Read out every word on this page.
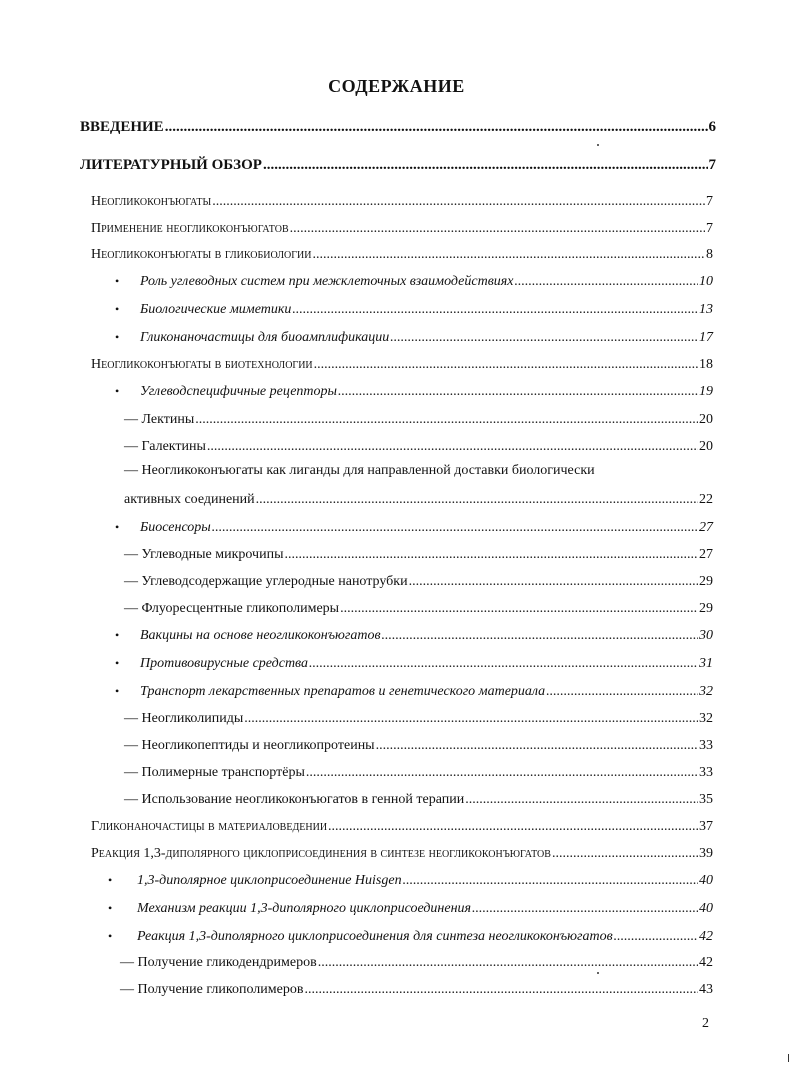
СОДЕРЖАНИЕ
ВВЕДЕНИЕ .....	6
ЛИТЕРАТУРНЫЙ ОБЗОР .....	7
Неогликоконъюгаты .....	7
Применение неогликоконъюгатов .....	7
Неогликоконъюгаты в гликобиологии .....	8
• Роль углеводных систем при межклеточных взаимодействиях .....	10
• Биологические миметики .....	13
• Гликонаночастицы для биоамплификации .....	17
Неогликоконъюгаты в биотехнологии .....	18
• Углеводспецифичные рецепторы .....	19
— Лектины .....	20
— Галектины .....	20
— Неогликоконъюгаты как лиганды для направленной доставки биологически
активных соединений .....	22
• Биосенсоры .....	27
— Углеводные микрочипы .....	27
— Углеводсодержащие углеродные нанотрубки .....	29
— Флуоресцентные гликополимеры .....	29
• Вакцины на основе неогликоконъюгатов .....	30
• Противовирусные средства .....	31
• Транспорт лекарственных препаратов и генетического материала .....	32
— Неогликолипиды .....	32
— Неогликопептиды и неогликопротеины .....	33
— Полимерные транспортёры .....	33
— Использование неогликоконъюгатов в генной терапии .....	35
Гликонаночастицы в материаловедении .....	37
Реакция 1,3-диполярного циклоприсоединения в синтезе неогликоконъюгатов .....	39
• 1,3-диполярное циклоприсоединение Huisgen .....	40
• Механизм реакции 1,3-диполярного циклоприсоединения .....	40
• Реакция 1,3-диполярного циклоприсоединения для синтеза неогликоконъюгатов .....	42
— Получение гликодендримеров .....	42
— Получение гликополимеров .....	43
2
